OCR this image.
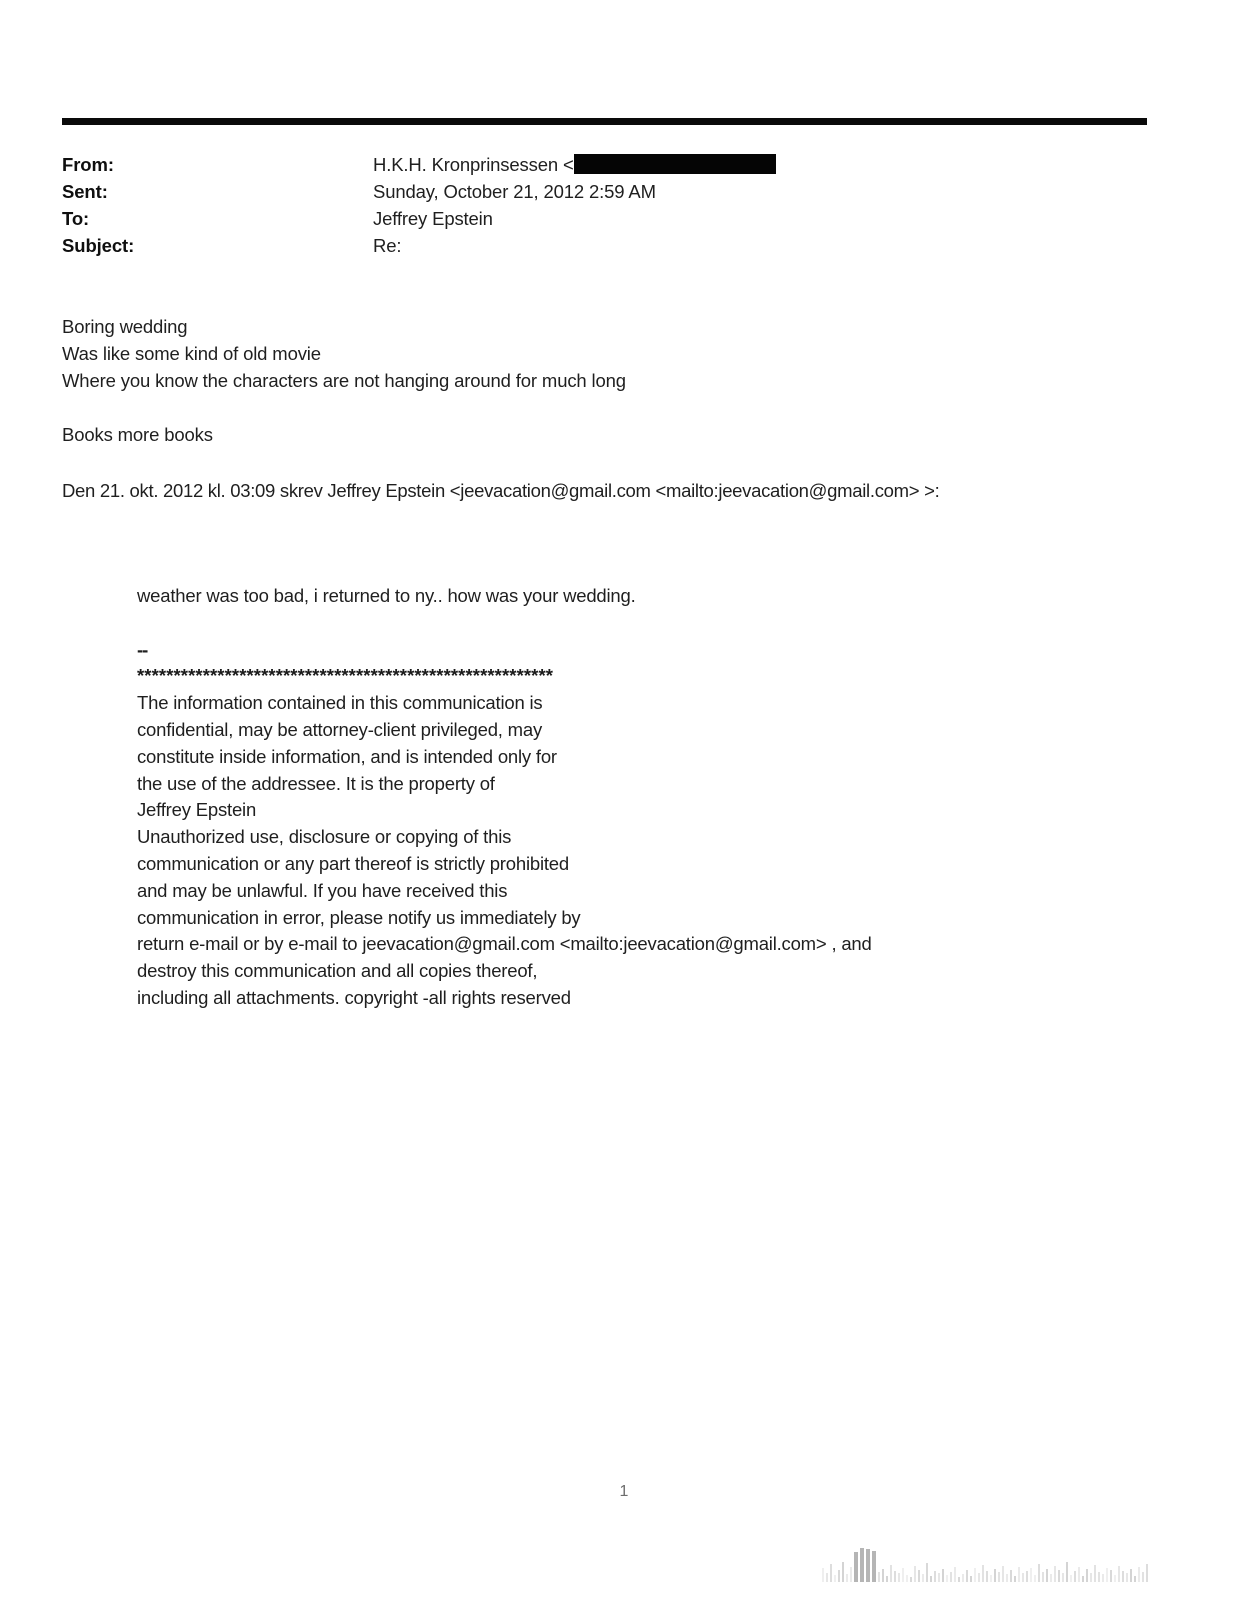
From:	H.K.H. Kronprinsessen <
Sent:	Sunday, October 21, 2012 2:59 AM
To:	Jeffrey Epstein
Subject:	Re:
Boring wedding
Was like some kind of old movie
Where you know the characters are not hanging around for much long
Books more books
Den 21. okt. 2012 kl. 03:09 skrev Jeffrey Epstein <jeevacation@gmail.com <mailto:jeevacation@gmail.com> >:
weather was too bad, i returned to ny.. how was your wedding.
--
*********************************************************
The information contained in this communication is
confidential, may be attorney-client privileged, may
constitute inside information, and is intended only for
the use of the addressee. It is the property of
Jeffrey Epstein
Unauthorized use, disclosure or copying of this
communication or any part thereof is strictly prohibited
and may be unlawful. If you have received this
communication in error, please notify us immediately by
return e-mail or by e-mail to jeevacation@gmail.com <mailto:jeevacation@gmail.com> , and
destroy this communication and all copies thereof,
including all attachments. copyright -all rights reserved
1
